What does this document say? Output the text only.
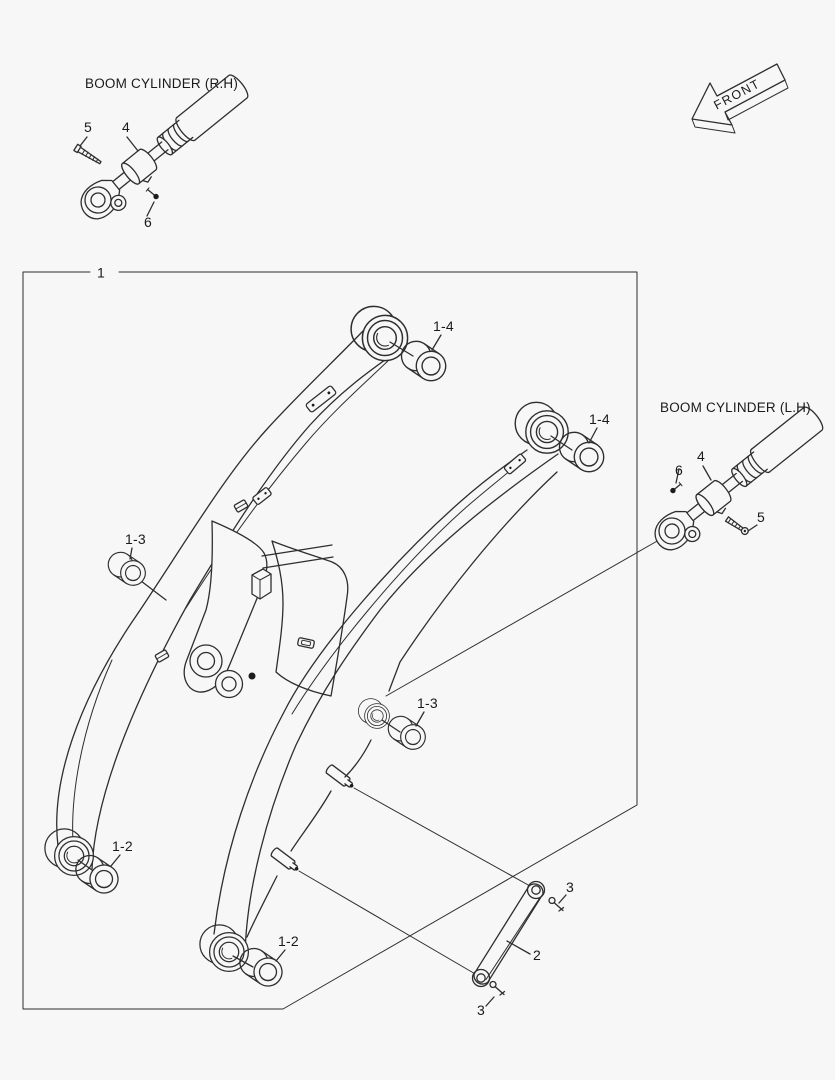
FRONT
BOOM CYLINDER (R.H)
5 4
6
BOOM CYLINDER (L.H)
6
4
5
1
1-4
1-4
1-3
1-3
1-2
1-2
2
3
3
